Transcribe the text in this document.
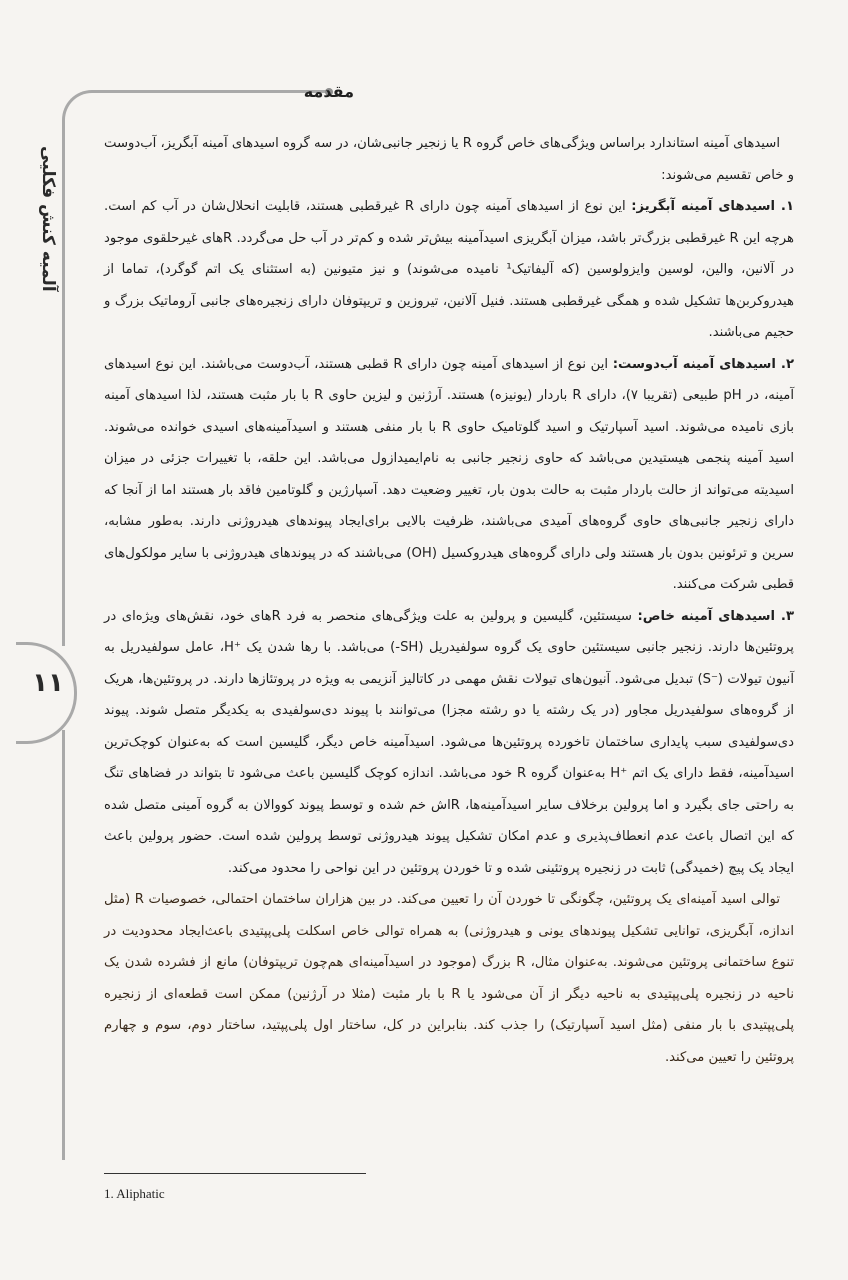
مقدمه
آلمیه کنش فکلیی
۱۱

اسیدهای آمینه استاندارد براساس ویژگی‌های خاص گروه R یا زنجیر جانبی‌شان، در سه گروه اسیدهای آمینه آبگریز، آب‌دوست و خاص تقسیم می‌شوند:

۱. اسیدهای آمینه آبگریز: این نوع از اسیدهای آمینه چون دارای R غیرقطبی هستند، قابلیت انحلال‌شان در آب کم است. هرچه این R غیرقطبی بزرگ‌تر باشد، میزان آبگریزی اسیدآمینه بیش‌تر شده و کم‌تر در آب حل می‌گردد. Rهای غیرحلقوی موجود در آلانین، والین، لوسین وایزولوسین (که آلیفاتیک¹ نامیده می‌شوند) و نیز متیونین (به استثنای یک اتم گوگرد)، تماما از هیدروکربن‌ها تشکیل شده و همگی غیرقطبی هستند. فنیل آلانین، تیروزین و تریپتوفان دارای زنجیره‌های جانبی آروماتیک بزرگ و حجیم می‌باشند.

۲. اسیدهای آمینه آب‌دوست: این نوع از اسیدهای آمینه چون دارای R قطبی هستند، آب‌دوست می‌باشند. این نوع اسیدهای آمینه، در pH طبیعی (تقریبا ۷)، دارای R باردار (یونیزه) هستند. آرژنین و لیزین حاوی R با بار مثبت هستند، لذا اسیدهای آمینه بازی نامیده می‌شوند. اسید آسپارتیک و اسید گلوتامیک حاوی R با بار منفی هستند و اسیدآمینه‌های اسیدی خوانده می‌شوند. اسید آمینه پنجمی هیستیدین می‌باشد که حاوی زنجیر جانبی به نام‌ایمیدازول می‌باشد. این حلقه، با تغییرات جزئی در میزان اسیدیته می‌تواند از حالت باردار مثبت به حالت بدون بار، تغییر وضعیت دهد. آسپارژین و گلوتامین فاقد بار هستند اما از آنجا که دارای زنجیر جانبی‌های حاوی گروه‌های آمیدی می‌باشند، ظرفیت بالایی برای‌ایجاد پیوندهای هیدروژنی دارند. به‌طور مشابه، سرین و ترئونین بدون بار هستند ولی دارای گروه‌های هیدروکسیل (OH) می‌باشند که در پیوندهای هیدروژنی با سایر مولکول‌های قطبی شرکت می‌کنند.

۳. اسیدهای آمینه خاص: سیستئین، گلیسین و پرولین به علت ویژگی‌های منحصر به فرد Rهای خود، نقش‌های ویژه‌ای در پروتئین‌ها دارند. زنجیر جانبی سیستئین حاوی یک گروه سولفیدریل (SH-) می‌باشد. با رها شدن یک ⁺H، عامل سولفیدریل به آنیون تیولات (⁻S) تبدیل می‌شود. آنیون‌های تیولات نقش مهمی در کاتالیز آنزیمی به ویژه در پروتئازها دارند. در پروتئین‌ها، هریک از گروه‌های سولفیدریل مجاور (در یک رشته یا دو رشته مجزا) می‌توانند با پیوند دی‌سولفیدی به یکدیگر متصل شوند. پیوند دی‌سولفیدی سبب پایداری ساختمان تاخورده پروتئین‌ها می‌شود. اسیدآمینه خاص دیگر، گلیسین است که به‌عنوان کوچک‌ترین اسیدآمینه، فقط دارای یک اتم ⁺H به‌عنوان گروه R خود می‌باشد. اندازه کوچک گلیسین باعث می‌شود تا بتواند در فضاهای تنگ به راحتی جای بگیرد و اما پرولین برخلاف سایر اسیدآمینه‌ها، Rاش خم شده و توسط پیوند کووالان به گروه آمینی متصل شده که این اتصال باعث عدم انعطاف‌پذیری و عدم امکان تشکیل پیوند هیدروژنی توسط پرولین شده است. حضور پرولین باعث ایجاد یک پیچ (خمیدگی) ثابت در زنجیره پروتئینی شده و تا خوردن پروتئین در این نواحی را محدود می‌کند.

توالی اسید آمینه‌ای یک پروتئین، چگونگی تا خوردن آن را تعیین می‌کند. در بین هزاران ساختمان احتمالی، خصوصیات R (مثل اندازه، آبگریزی، توانایی تشکیل پیوندهای یونی و هیدروژنی) به همراه توالی خاص اسکلت پلی‌پپتیدی باعث‌ایجاد محدودیت در تنوع ساختمانی پروتئین می‌شوند. به‌عنوان مثال، R بزرگ (موجود در اسیدآمینه‌ای هم‌چون تریپتوفان) مانع از فشرده شدن یک ناحیه در زنجیره پلی‌پپتیدی به ناحیه دیگر از آن می‌شود یا R با بار مثبت (مثلا در آرژنین) ممکن است قطعه‌ای از زنجیره پلی‌پپتیدی با بار منفی (مثل اسید آسپارتیک) را جذب کند. بنابراین در کل، ساختار اول پلی‌پپتید، ساختار دوم، سوم و چهارم پروتئین را تعیین می‌کند.

1. Aliphatic
